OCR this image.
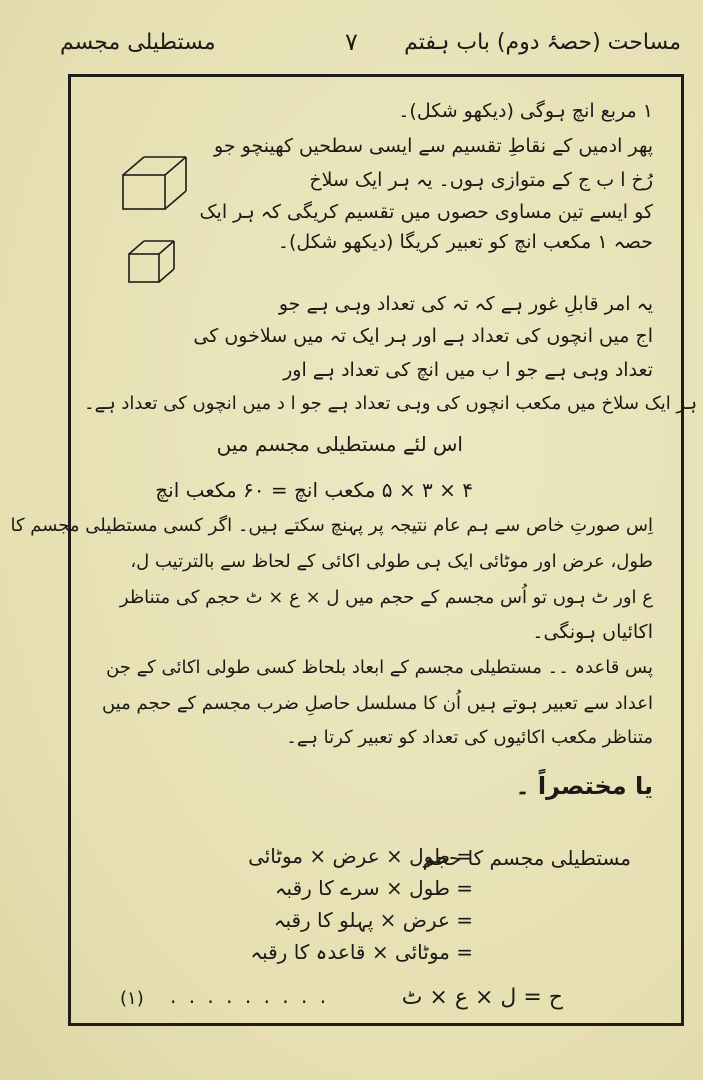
مستطیلی مجسم	۷ مساحت (حصۂ دوم) باب ہفتم
۱ مربع انچ ہوگی (دیکھو شکل)۔
پھر ادمیں کے نقاطِ تقسیم سے ایسی سطحیں کھینچو جو
رُخ ا ب ج کے متوازی ہوں۔ یہ ہر ایک سلاخ
کو ایسے تین مساوی حصوں میں تقسیم کریگی کہ ہر ایک
حصہ ۱ مکعب انچ کو تعبیر کریگا (دیکھو شکل)۔
یہ امر قابلِ غور ہے کہ تہ کی تعداد وہی ہے جو
اج میں انچوں کی تعداد ہے اور ہر ایک تہ میں سلاخوں کی
تعداد وہی ہے جو ا ب میں انچ کی تعداد ہے اور
ہر ایک سلاخ میں مکعب انچوں کی وہی تعداد ہے جو ا د میں انچوں کی تعداد ہے۔
اس لئے مستطیلی مجسم میں
۴ × ۳ × ۵ مکعب انچ = ۶۰ مکعب انچ
اِس صورتِ خاص سے ہم عام نتیجہ پر پہنچ سکتے ہیں۔ اگر کسی مستطیلی مجسم کا
طول، عرض اور موٹائی ایک ہی طولی اکائی کے لحاظ سے بالترتیب ل،
ع اور ٹ ہوں تو اُس مجسم کے حجم میں ل × ع × ٹ حجم کی متناظر
اکائیاں ہونگی۔
پس قاعدہ ۔۔ مستطیلی مجسم کے ابعاد بلحاظ کسی طولی اکائی کے جن
اعداد سے تعبیر ہوتے ہیں اُن کا مسلسل حاصلِ ضرب مجسم کے حجم میں
متناظر مکعب اکائیوں کی تعداد کو تعبیر کرتا ہے۔
یا مختصراً ۔
مستطیلی مجسم کا حجم
= طول × عرض × موٹائی
= طول × سرے کا رقبہ
= عرض × پہلو کا رقبہ
= موٹائی × قاعدہ کا رقبہ
ح = ل × ع × ٹ
. . . . . . . . .
(۱)
